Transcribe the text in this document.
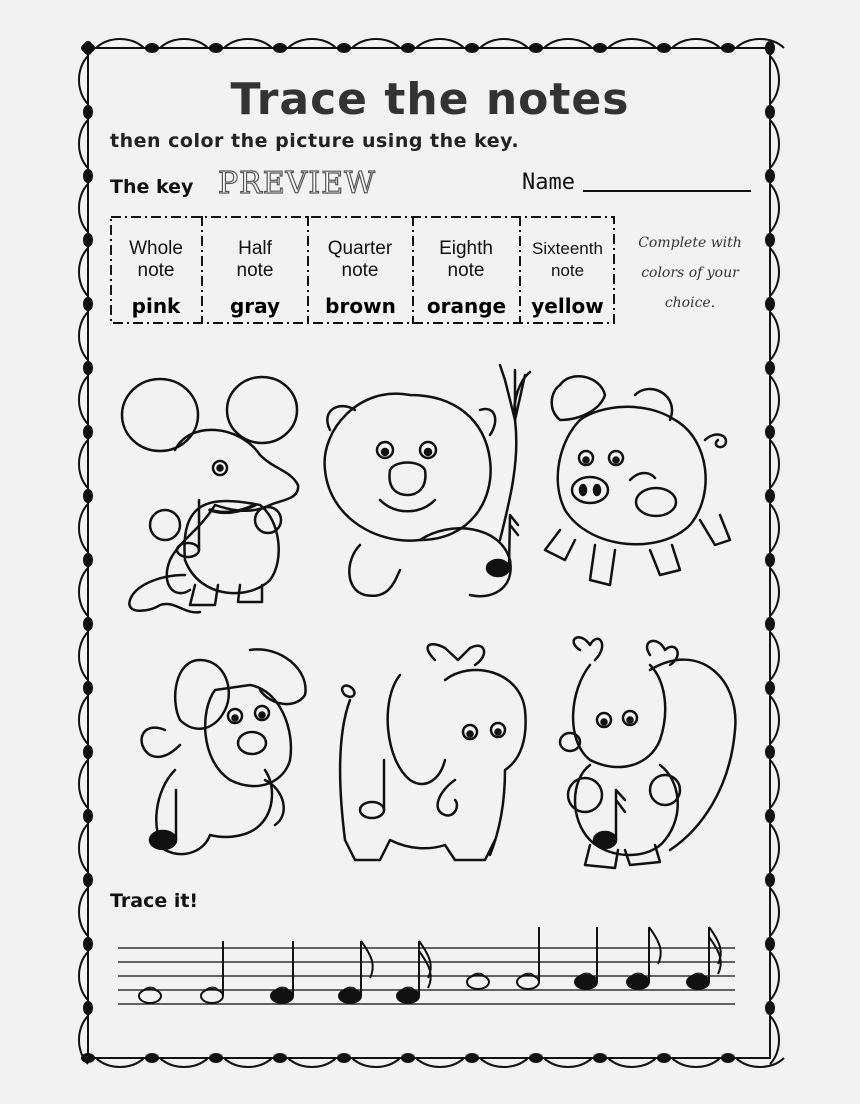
Trace the notes
then color the picture using the key.
The key PREVIEW	Name
Whole note
pink
Half note
gray
Quarter note
brown
Eighth note
orange
Sixteenth note
yellow
Complete with colors of your choice.
Trace it!
